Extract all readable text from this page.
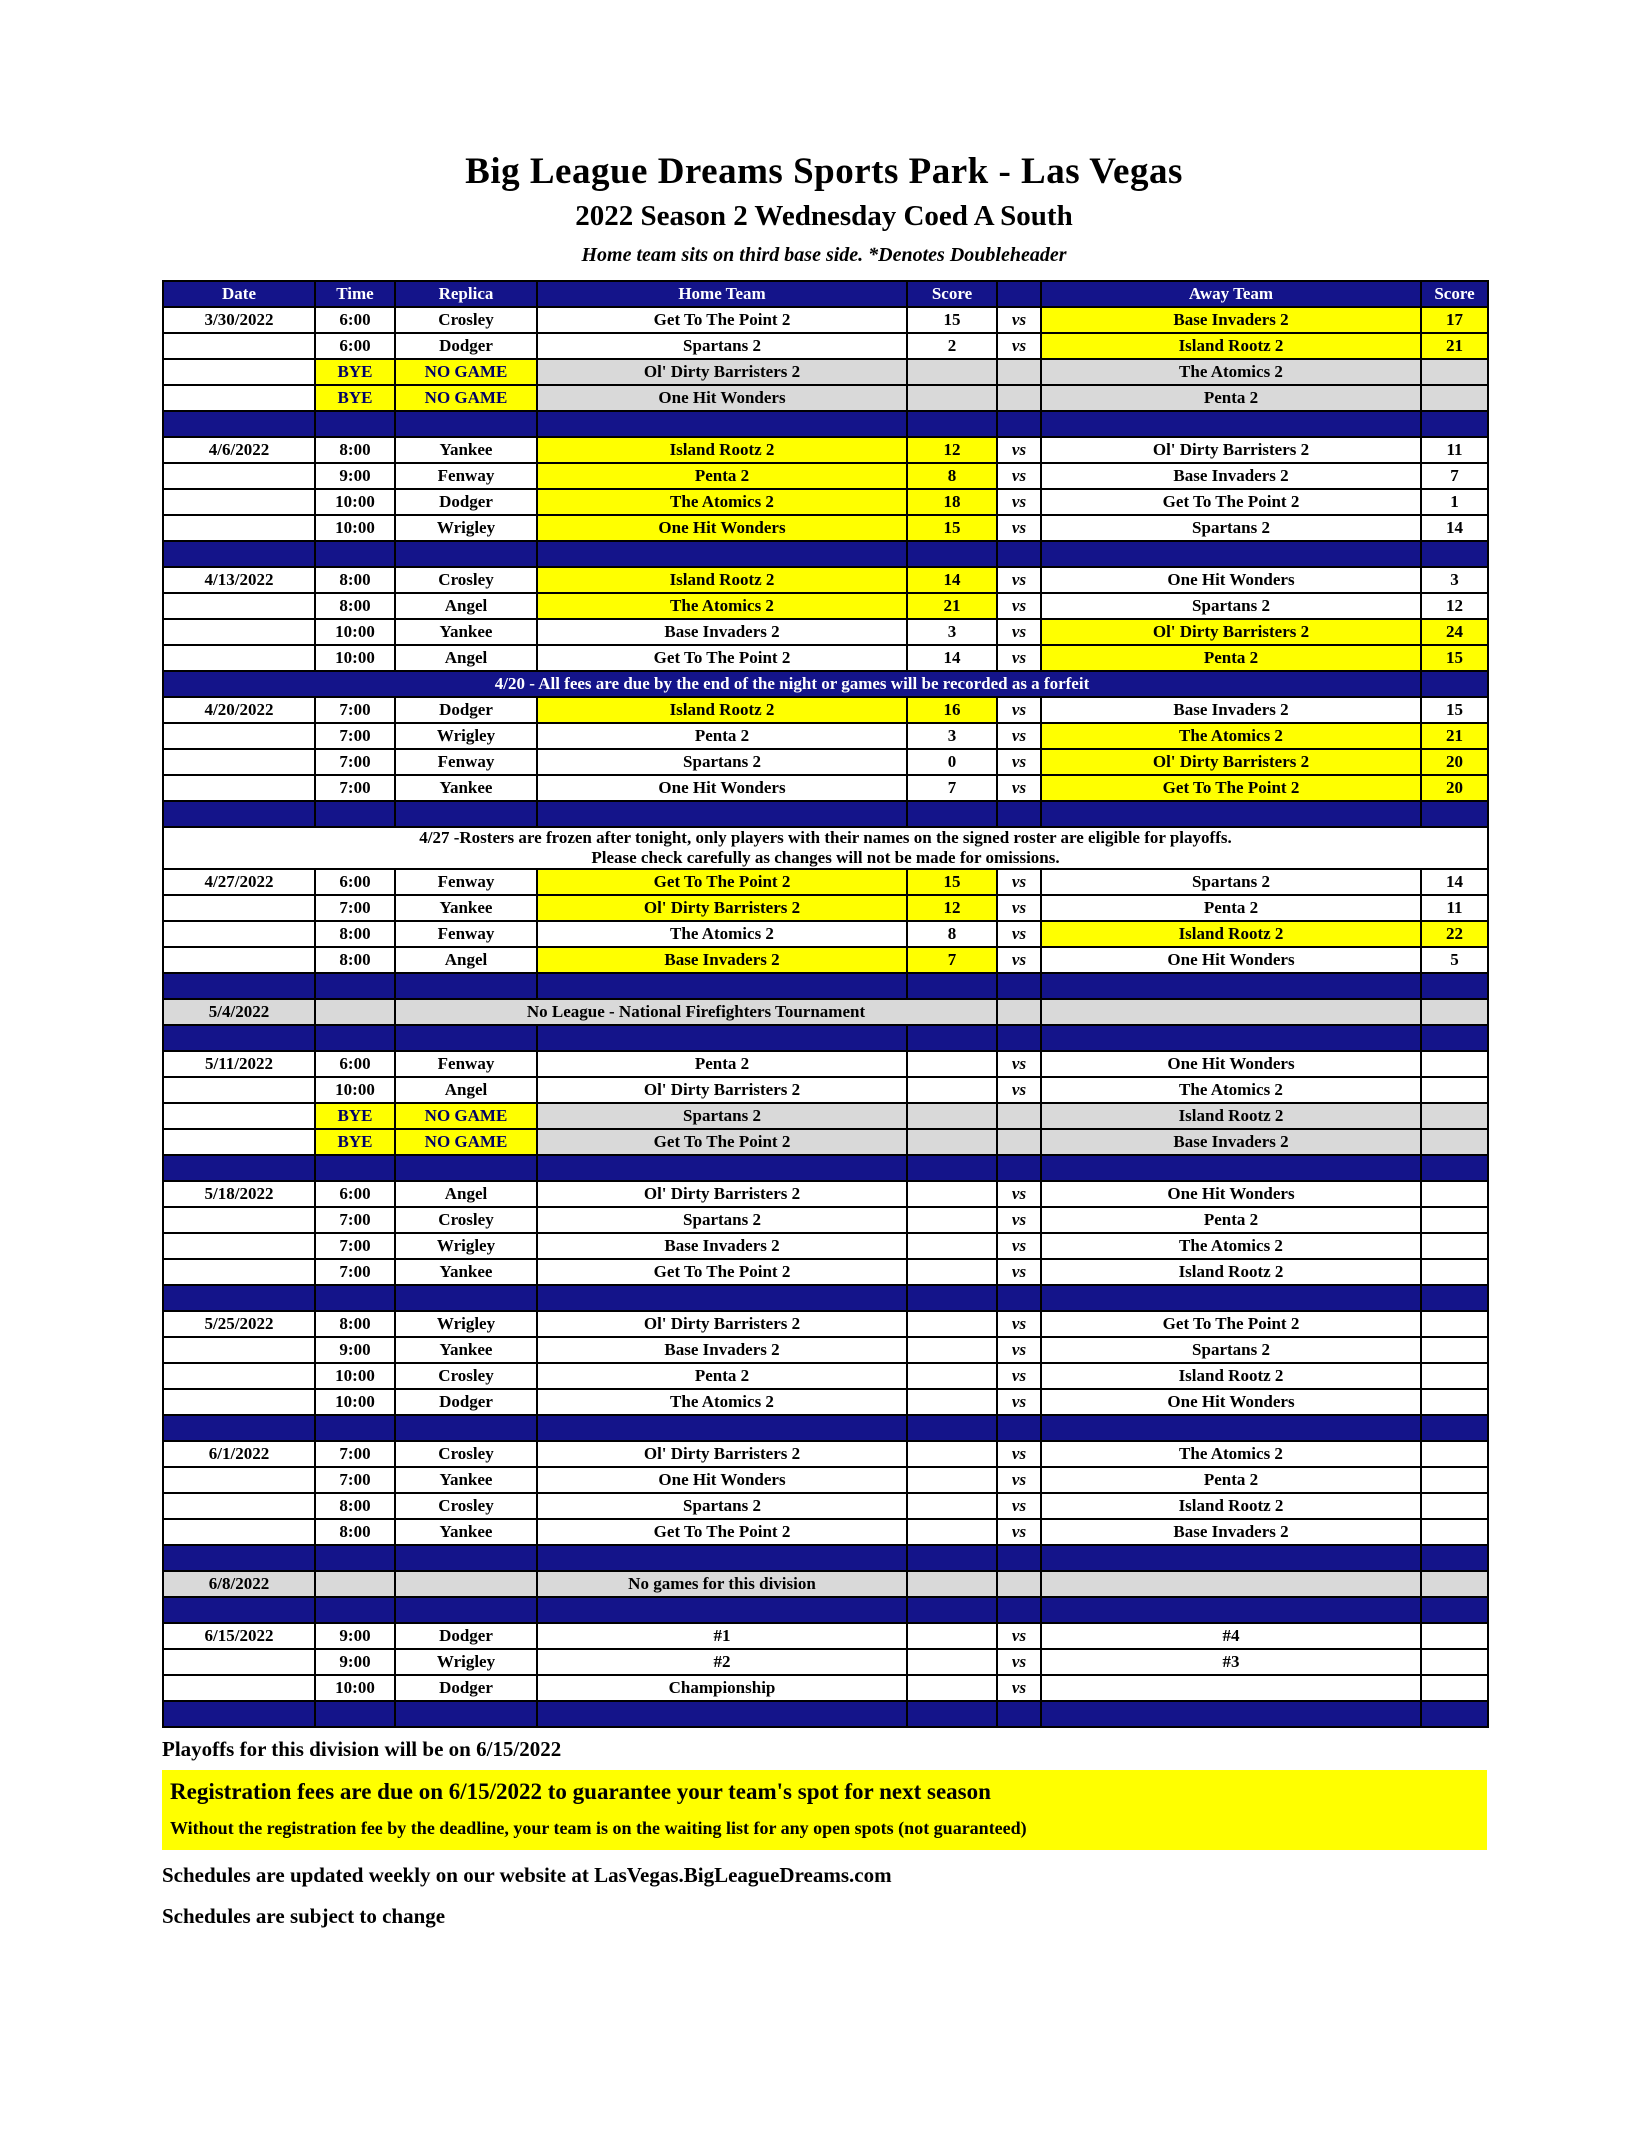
Big League Dreams Sports Park - Las Vegas
2022 Season 2 Wednesday Coed A South
Home team sits on third base side. *Denotes Doubleheader
Date	Time	Replica	Home Team	Score		Away Team	Score
3/30/2022	6:00	Crosley	Get To The Point 2	15	vs	Base Invaders 2	17
	6:00	Dodger	Spartans 2	2	vs	Island Rootz 2	21
	BYE	NO GAME	Ol' Dirty Barristers 2			The Atomics 2	
	BYE	NO GAME	One Hit Wonders			Penta 2	

4/6/2022	8:00	Yankee	Island Rootz 2	12	vs	Ol' Dirty Barristers 2	11
	9:00	Fenway	Penta 2	8	vs	Base Invaders 2	7
	10:00	Dodger	The Atomics 2	18	vs	Get To The Point 2	1
	10:00	Wrigley	One Hit Wonders	15	vs	Spartans 2	14

4/13/2022	8:00	Crosley	Island Rootz 2	14	vs	One Hit Wonders	3
	8:00	Angel	The Atomics 2	21	vs	Spartans 2	12
	10:00	Yankee	Base Invaders 2	3	vs	Ol' Dirty Barristers 2	24
	10:00	Angel	Get To The Point 2	14	vs	Penta 2	15
4/20 - All fees are due by the end of the night or games will be recorded as a forfeit							
4/20/2022	7:00	Dodger	Island Rootz 2	16	vs	Base Invaders 2	15
	7:00	Wrigley	Penta 2	3	vs	The Atomics 2	21
	7:00	Fenway	Spartans 2	0	vs	Ol' Dirty Barristers 2	20
	7:00	Yankee	One Hit Wonders	7	vs	Get To The Point 2	20

4/27 -Rosters are frozen after tonight, only players with their names on the signed roster are eligible for playoffs.
Please check carefully as changes will not be made for omissions.							

4/27/2022	6:00	Fenway	Get To The Point 2	15	vs	Spartans 2	14
	7:00	Yankee	Ol' Dirty Barristers 2	12	vs	Penta 2	11
	8:00	Fenway	The Atomics 2	8	vs	Island Rootz 2	22
	8:00	Angel	Base Invaders 2	7	vs	One Hit Wonders	5

5/4/2022		No League - National Firefighters Tournament					

5/11/2022	6:00	Fenway	Penta 2		vs	One Hit Wonders	
	10:00	Angel	Ol' Dirty Barristers 2		vs	The Atomics 2	
	BYE	NO GAME	Spartans 2			Island Rootz 2	
	BYE	NO GAME	Get To The Point 2			Base Invaders 2	

5/18/2022	6:00	Angel	Ol' Dirty Barristers 2		vs	One Hit Wonders	
	7:00	Crosley	Spartans 2		vs	Penta 2	
	7:00	Wrigley	Base Invaders 2		vs	The Atomics 2	
	7:00	Yankee	Get To The Point 2		vs	Island Rootz 2	

5/25/2022	8:00	Wrigley	Ol' Dirty Barristers 2		vs	Get To The Point 2	
	9:00	Yankee	Base Invaders 2		vs	Spartans 2	
	10:00	Crosley	Penta 2		vs	Island Rootz 2	
	10:00	Dodger	The Atomics 2		vs	One Hit Wonders	

6/1/2022	7:00	Crosley	Ol' Dirty Barristers 2		vs	The Atomics 2	
	7:00	Yankee	One Hit Wonders		vs	Penta 2	
	8:00	Crosley	Spartans 2		vs	Island Rootz 2	
	8:00	Yankee	Get To The Point 2		vs	Base Invaders 2	

6/8/2022			No games for this division				

6/15/2022	9:00	Dodger	#1		vs	#4	
	9:00	Wrigley	#2		vs	#3	
	10:00	Dodger	Championship		vs		

Playoffs for this division will be on 6/15/2022
Registration fees are due on 6/15/2022 to guarantee your team's spot for next season
Without the registration fee by the deadline, your team is on the waiting list for any open spots (not guaranteed)
Schedules are updated weekly on our website at LasVegas.BigLeagueDreams.com
Schedules are subject to change
